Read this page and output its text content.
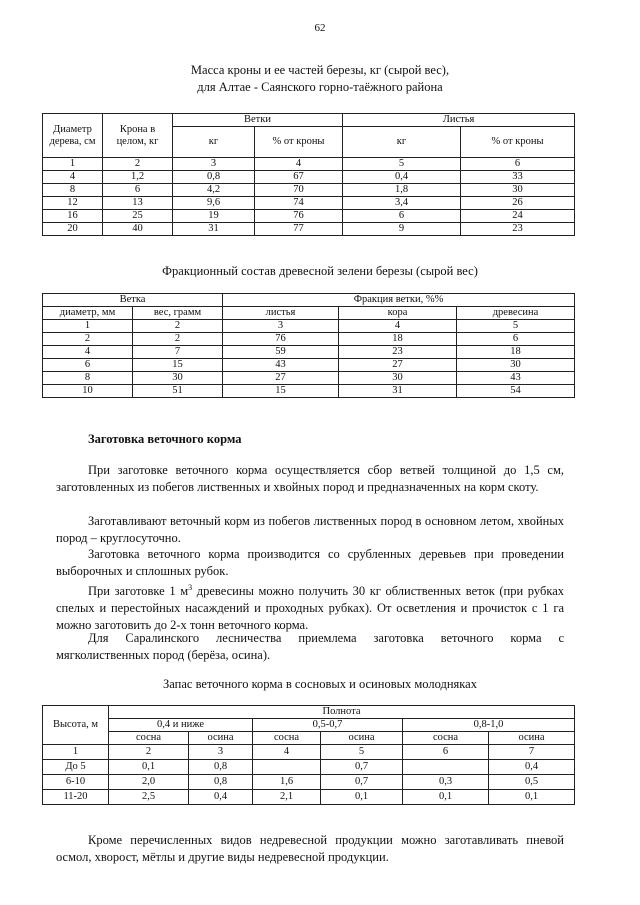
62
Масса кроны и ее частей березы, кг (сырой вес),
для Алтае - Саянского горно-таёжного района
Диаметр дерева, см	Крона в целом, кг	Ветки		Листья	
		кг	% от кроны	кг	% от кроны
1	2	3	4	5	6
4	1,2	0,8	67	0,4	33
8	6	4,2	70	1,8	30
12	13	9,6	74	3,4	26
16	25	19	76	6	24
20	40	31	77	9	23
Фракционный состав древесной зелени березы (сырой вес)
Ветка		Фракция ветки, %%		
диаметр, мм	вес, грамм	листья	кора	древесина
1	2	3	4	5
2	2	76	18	6
4	7	59	23	18
6	15	43	27	30
8	30	27	30	43
10	51	15	31	54
Заготовка веточного корма

При заготовке веточного корма осуществляется сбор ветвей толщиной до 1,5 см, заготовленных из побегов лиственных и хвойных пород и предназначенных на корм скоту.

Заготавливают веточный корм из побегов лиственных пород в основном летом, хвойных пород – круглосуточно.

Заготовка веточного корма производится со срубленных деревьев при проведении выборочных и сплошных рубок.

При заготовке 1 $м^3$ древесины можно получить 30 кг облиственных веток (при рубках спелых и перестойных насаждений и проходных рубках). От осветления и прочисток с 1 га можно заготовить до 2-х тонн веточного корма.

Для Саралинского лесничества приемлема заготовка веточного корма с мягколиственных пород (берёза, осина).

Запас веточного корма в сосновых и осиновых молодняках
Высота, м	Полнота					
	0,4 и ниже		0,5-0,7		0,8-1,0	
	сосна	осина	сосна	осина	сосна	осина
1	2	3	4	5	6	7
До 5	0,1	0,8		0,7		0,4
6-10	2,0	0,8	1,6	0,7	0,3	0,5
11-20	2,5	0,4	2,1	0,1	0,1	0,1

Кроме перечисленных видов недревесной продукции можно заготавливать пневой осмол, хворост, мётлы и другие виды недревесной продукции.
